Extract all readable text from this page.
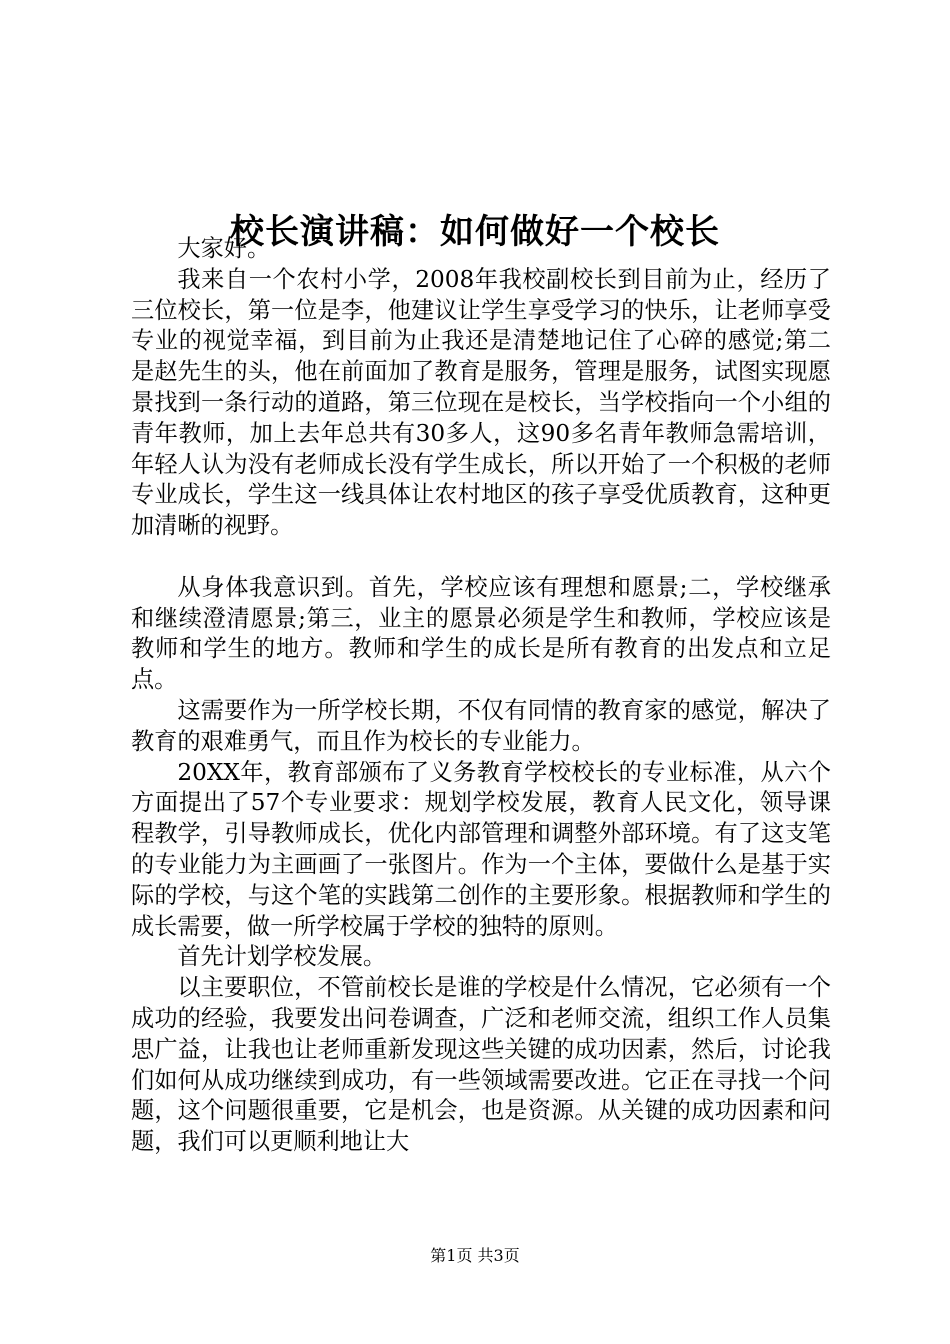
校长演讲稿：如何做好一个校长

大家好。

我来自一个农村小学，2008年我校副校长到目前为止，经历了三位校长，第一位是李，他建议让学生享受学习的快乐，让老师享受专业的视觉幸福，到目前为止我还是清楚地记住了心碎的感觉;第二是赵先生的头，他在前面加了教育是服务，管理是服务，试图实现愿景找到一条行动的道路，第三位现在是校长，当学校指向一个小组的青年教师，加上去年总共有30多人，这90多名青年教师急需培训，年轻人认为没有老师成长没有学生成长，所以开始了一个积极的老师专业成长，学生这一线具体让农村地区的孩子享受优质教育，这种更加清晰的视野。

从身体我意识到。首先，学校应该有理想和愿景;二，学校继承和继续澄清愿景;第三，业主的愿景必须是学生和教师，学校应该是教师和学生的地方。教师和学生的成长是所有教育的出发点和立足点。

这需要作为一所学校长期，不仅有同情的教育家的感觉，解决了教育的艰难勇气，而且作为校长的专业能力。

20XX年，教育部颁布了义务教育学校校长的专业标准，从六个方面提出了57个专业要求：规划学校发展，教育人民文化，领导课程教学，引导教师成长，优化内部管理和调整外部环境。有了这支笔的专业能力为主画画了一张图片。作为一个主体，要做什么是基于实际的学校，与这个笔的实践第二创作的主要形象。根据教师和学生的成长需要，做一所学校属于学校的独特的原则。

首先计划学校发展。

以主要职位，不管前校长是谁的学校是什么情况，它必须有一个成功的经验，我要发出问卷调查，广泛和老师交流，组织工作人员集思广益，让我也让老师重新发现这些关键的成功因素，然后，讨论我们如何从成功继续到成功，有一些领域需要改进。它正在寻找一个问题，这个问题很重要，它是机会，也是资源。从关键的成功因素和问题，我们可以更顺利地让大

第1页 共3页
